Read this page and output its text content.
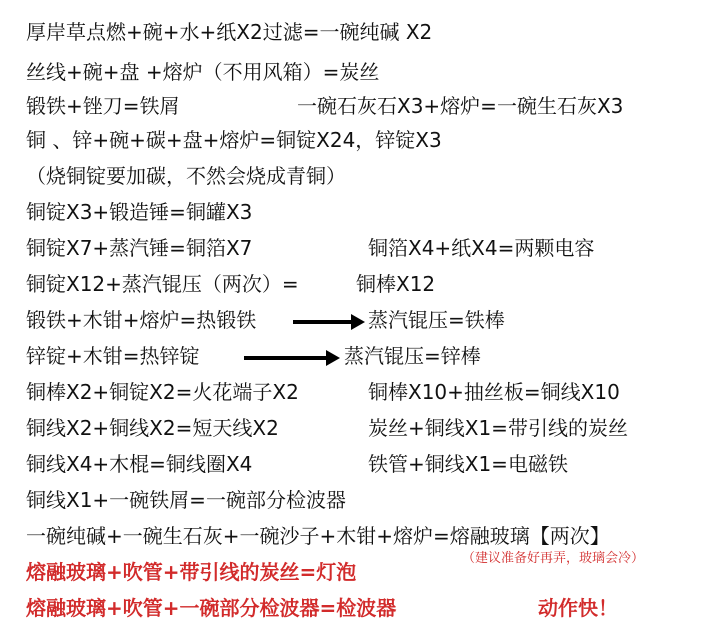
厚岸草点燃+碗+水+纸X2过滤=一碗纯碱 X2
丝线+碗+盘 +熔炉（不用风箱）=炭丝
锻铁+锉刀=铁屑	一碗石灰石X3+熔炉=一碗生石灰X3
铜 、锌+碗+碳+盘+熔炉=铜锭X24，锌锭X3
（烧铜锭要加碳，不然会烧成青铜）
铜锭X3+锻造锤=铜罐X3
铜锭X7+蒸汽锤=铜箔X7	铜箔X4+纸X4=两颗电容
铜锭X12+蒸汽锟压（两次）=	铜棒X12
锻铁+木钳+熔炉=热锻铁	蒸汽锟压=铁棒
锌锭+木钳=热锌锭	蒸汽锟压=锌棒
铜棒X2+铜锭X2=火花端子X2	铜棒X10+抽丝板=铜线X10
铜线X2+铜线X2=短天线X2	炭丝+铜线X1=带引线的炭丝
铜线X4+木棍=铜线圈X4	铁管+铜线X1=电磁铁
铜线X1+一碗铁屑=一碗部分检波器
一碗纯碱+一碗生石灰+一碗沙子+木钳+熔炉=熔融玻璃【两次】
熔融玻璃+吹管+带引线的炭丝=灯泡
（建议准备好再弄，玻璃会冷）
熔融玻璃+吹管+一碗部分检波器=检波器	动作快！
